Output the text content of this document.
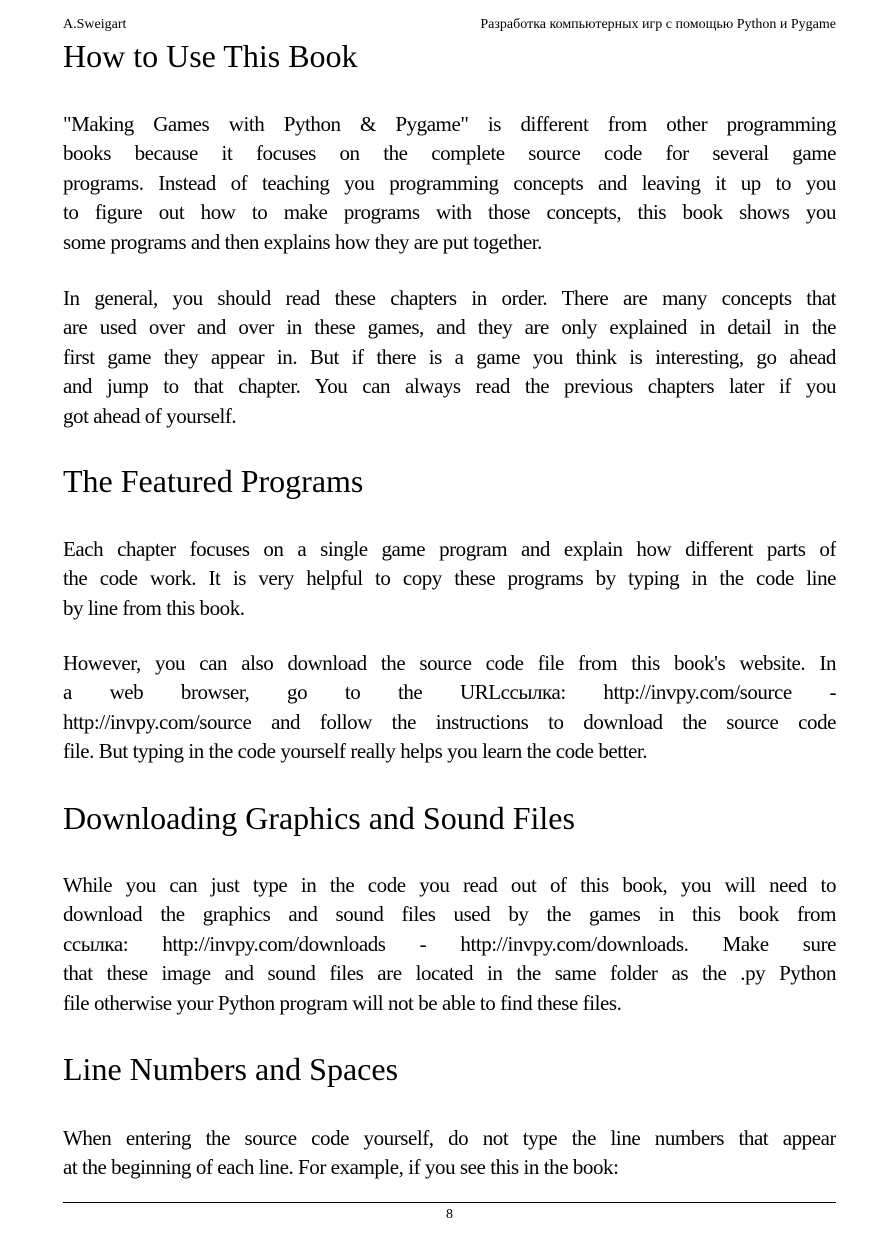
A.Sweigart	Разработка компьютерных игр с помощью Python и Pygame
How to Use This Book
"Making Games with Python & Pygame" is different from other programming
books because it focuses on the complete source code for several game
programs. Instead of teaching you programming concepts and leaving it up to you
to figure out how to make programs with those concepts, this book shows you
some programs and then explains how they are put together.
In general, you should read these chapters in order. There are many concepts that
are used over and over in these games, and they are only explained in detail in the
first game they appear in. But if there is a game you think is interesting, go ahead
and jump to that chapter. You can always read the previous chapters later if you
got ahead of yourself.
The Featured Programs
Each chapter focuses on a single game program and explain how different parts of
the code work. It is very helpful to copy these programs by typing in the code line
by line from this book.
However, you can also download the source code file from this book's website. In
a web browser, go to the URLссылка: http://invpy.com/source -
http://invpy.com/source and follow the instructions to download the source code
file. But typing in the code yourself really helps you learn the code better.
Downloading Graphics and Sound Files
While you can just type in the code you read out of this book, you will need to
download the graphics and sound files used by the games in this book from
ссылка: http://invpy.com/downloads - http://invpy.com/downloads. Make sure
that these image and sound files are located in the same folder as the .py Python
file otherwise your Python program will not be able to find these files.
Line Numbers and Spaces
When entering the source code yourself, do not type the line numbers that appear
at the beginning of each line. For example, if you see this in the book:
8
